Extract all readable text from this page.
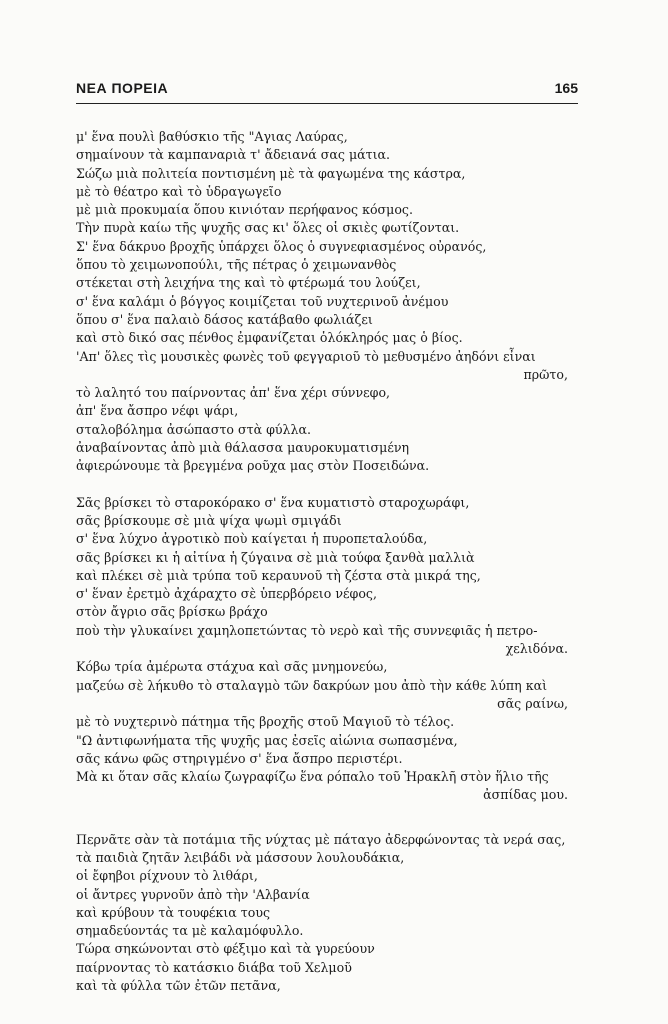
ΝΕΑ ΠΟΡΕΙΑ	165
μ' ἕνα πουλὶ βαθύσκιο τῆς "Αγιας Λαύρας,
σημαίνουν τὰ καμπαναριὰ τ' ἄδειανά σας μάτια.
Σώζω μιὰ πολιτεία ποντισμένη μὲ τὰ φαγωμένα της κάστρα,
μὲ τὸ θέατρο καὶ τὸ ὑδραγωγεῖο
μὲ μιὰ προκυμαία ὅπου κινιόταν περήφανος κόσμος.
Τὴν πυρὰ καίω τῆς ψυχῆς σας κι' ὅλες οἱ σκιὲς φωτίζονται.
Σ' ἕνα δάκρυο βροχῆς ὑπάρχει ὅλος ὁ συγνεφιασμένος οὐρανός,
ὅπου τὸ χειμωνοπούλι, τῆς πέτρας ὁ χειμωνανθὸς
στέκεται στὴ λειχήνα της καὶ τὸ φτέρωμά του λούζει,
σ' ἕνα καλάμι ὁ βόγγος κοιμίζεται τοῦ νυχτερινοῦ ἀνέμου
ὅπου σ' ἕνα παλαιὸ δάσος κατάβαθο φωλιάζει
καὶ στὸ δικό σας πένθος ἐμφανίζεται ὁλόκληρός μας ὁ βίος.
'Απ' ὅλες τὶς μουσικὲς φωνὲς τοῦ φεγγαριοῦ τὸ μεθυσμένο ἀηδόνι εἶναι
πρῶτο,
τὸ λαλητό του παίρνοντας ἀπ' ἕνα χέρι σύννεφο,
ἀπ' ἕνα ἄσπρο νέφι ψάρι,
σταλοβόλημα ἀσώπαστο στὰ φύλλα.
ἀναβαίνοντας ἀπὸ μιὰ θάλασσα μαυροκυματισμένη
ἀφιερώνουμε τὰ βρεγμένα ροῦχα μας στὸν Ποσειδώνα.
Σᾶς βρίσκει τὸ σταροκόρακο σ' ἕνα κυματιστὸ σταροχωράφι,
σᾶς βρίσκουμε σὲ μιὰ ψίχα ψωμὶ σμιγάδι
σ' ἕνα λύχνο ἀγροτικὸ ποὺ καίγεται ἡ πυροπεταλούδα,
σᾶς βρίσκει κι ἡ αἰτίνα ἡ ζύγαινα σὲ μιὰ τούφα ξανθὰ μαλλιὰ
καὶ πλέκει σὲ μιὰ τρύπα τοῦ κεραυνοῦ τὴ ζέστα στὰ μικρά της,
σ' ἕναν ἐρετμὸ ἀχάραχτο σὲ ὑπερβόρειο νέφος,
στὸν ἄγριο σᾶς βρίσκω βράχο
ποὺ τὴν γλυκαίνει χαμηλοπετώντας τὸ νερὸ καὶ τῆς συννεφιᾶς ἡ πετρο-
χελιδόνα.
Κόβω τρία ἀμέρωτα στάχυα καὶ σᾶς μνημονεύω,
μαζεύω σὲ λήκυθο τὸ σταλαγμὸ τῶν δακρύων μου ἀπὸ τὴν κάθε λύπη καὶ
σᾶς ραίνω,
μὲ τὸ νυχτερινὸ πάτημα τῆς βροχῆς στοῦ Μαγιοῦ τὸ τέλος.
"Ω ἀντιφωνήματα τῆς ψυχῆς μας ἐσεῖς αἰώνια σωπασμένα,
σᾶς κάνω φῶς στηριγμένο σ' ἕνα ἄσπρο περιστέρι.
Μὰ κι ὅταν σᾶς κλαίω ζωγραφίζω ἕνα ρόπαλο τοῦ Ἡρακλῆ στὸν ἥλιο τῆς
ἀσπίδας μου.
Περνᾶτε σὰν τὰ ποτάμια τῆς νύχτας μὲ πάταγο ἀδερφώνοντας τὰ νερά σας,
τὰ παιδιὰ ζητᾶν λειβάδι νὰ μάσσουν λουλουδάκια,
οἱ ἔφηβοι ρίχνουν τὸ λιθάρι,
οἱ ἄντρες γυρνοῦν ἀπὸ τὴν 'Αλβανία
καὶ κρύβουν τὰ τουφέκια τους
σημαδεύοντάς τα μὲ καλαμόφυλλο.
Τώρα σηκώνονται στὸ φέξιμο καὶ τὰ γυρεύουν
παίρνοντας τὸ κατάσκιο διάβα τοῦ Χελμοῦ
καὶ τὰ φύλλα τῶν ἐτῶν πετᾶνα,
